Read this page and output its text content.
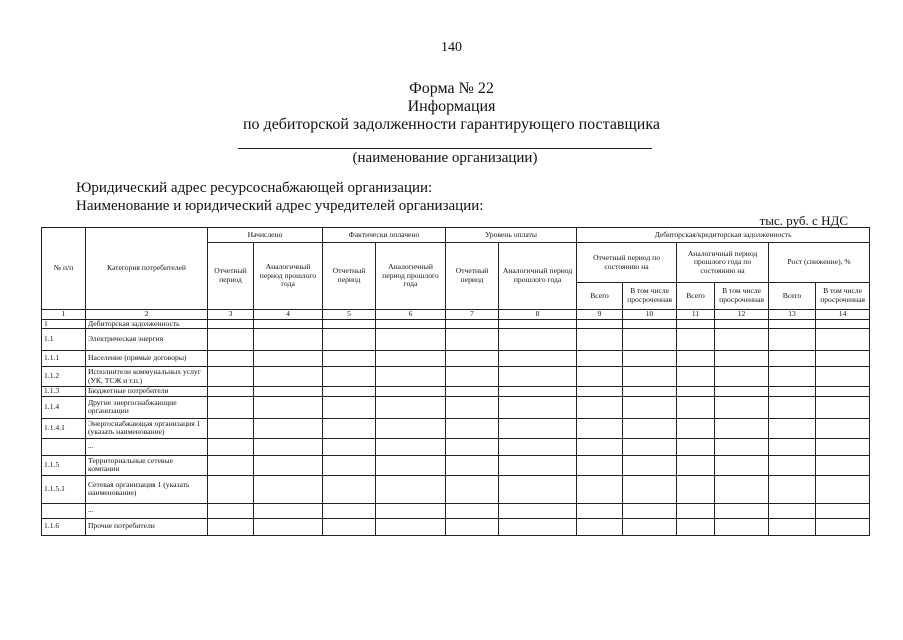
140
Форма № 22
Информация
по дебиторской задолженности гарантирующего поставщика
(наименование организации)
Юридический адрес ресурсоснабжающей организации:
Наименование и юридический адрес учредителей организации:
тыс. руб. с НДС
№ п/п	Категория потребителей	Начислено		Фактически оплачено		Уровень оплаты		Дебиторская/кредиторская задолженность					
		Отчетный период	Аналогичный период прошлого года	Отчетный период	Аналогичный период прошлого года	Отчетный период	Аналогичный период прошлого года	Отчетный период по состоянию на		Аналогичный период прошлого года по состоянию на		Рост (снижение), %	
								Всего	В том числе просроченная	Всего	В том числе просроченная	Всего	В том числе просроченная
1	2	3	4	5	6	7	8	9	10	11	12	13	14
1	Дебиторская задолженность												
1.1	Электрическая энергия												
1.1.1	Население (прямые договоры)												
1.1.2	Исполнители коммунальных услуг (УК, ТСЖ и т.п.)												
1.1.3	Бюджетные потребители												
1.1.4	Другие энергоснабжающие организации												
1.1.4.1	Энергоснабжающая организация 1 (указать наименование)												
	...												
1.1.5	Территориальные сетевые компании												
1.1.5.1	Сетевая организация 1 (указать наименование)												
	...												
1.1.6	Прочие потребители												
